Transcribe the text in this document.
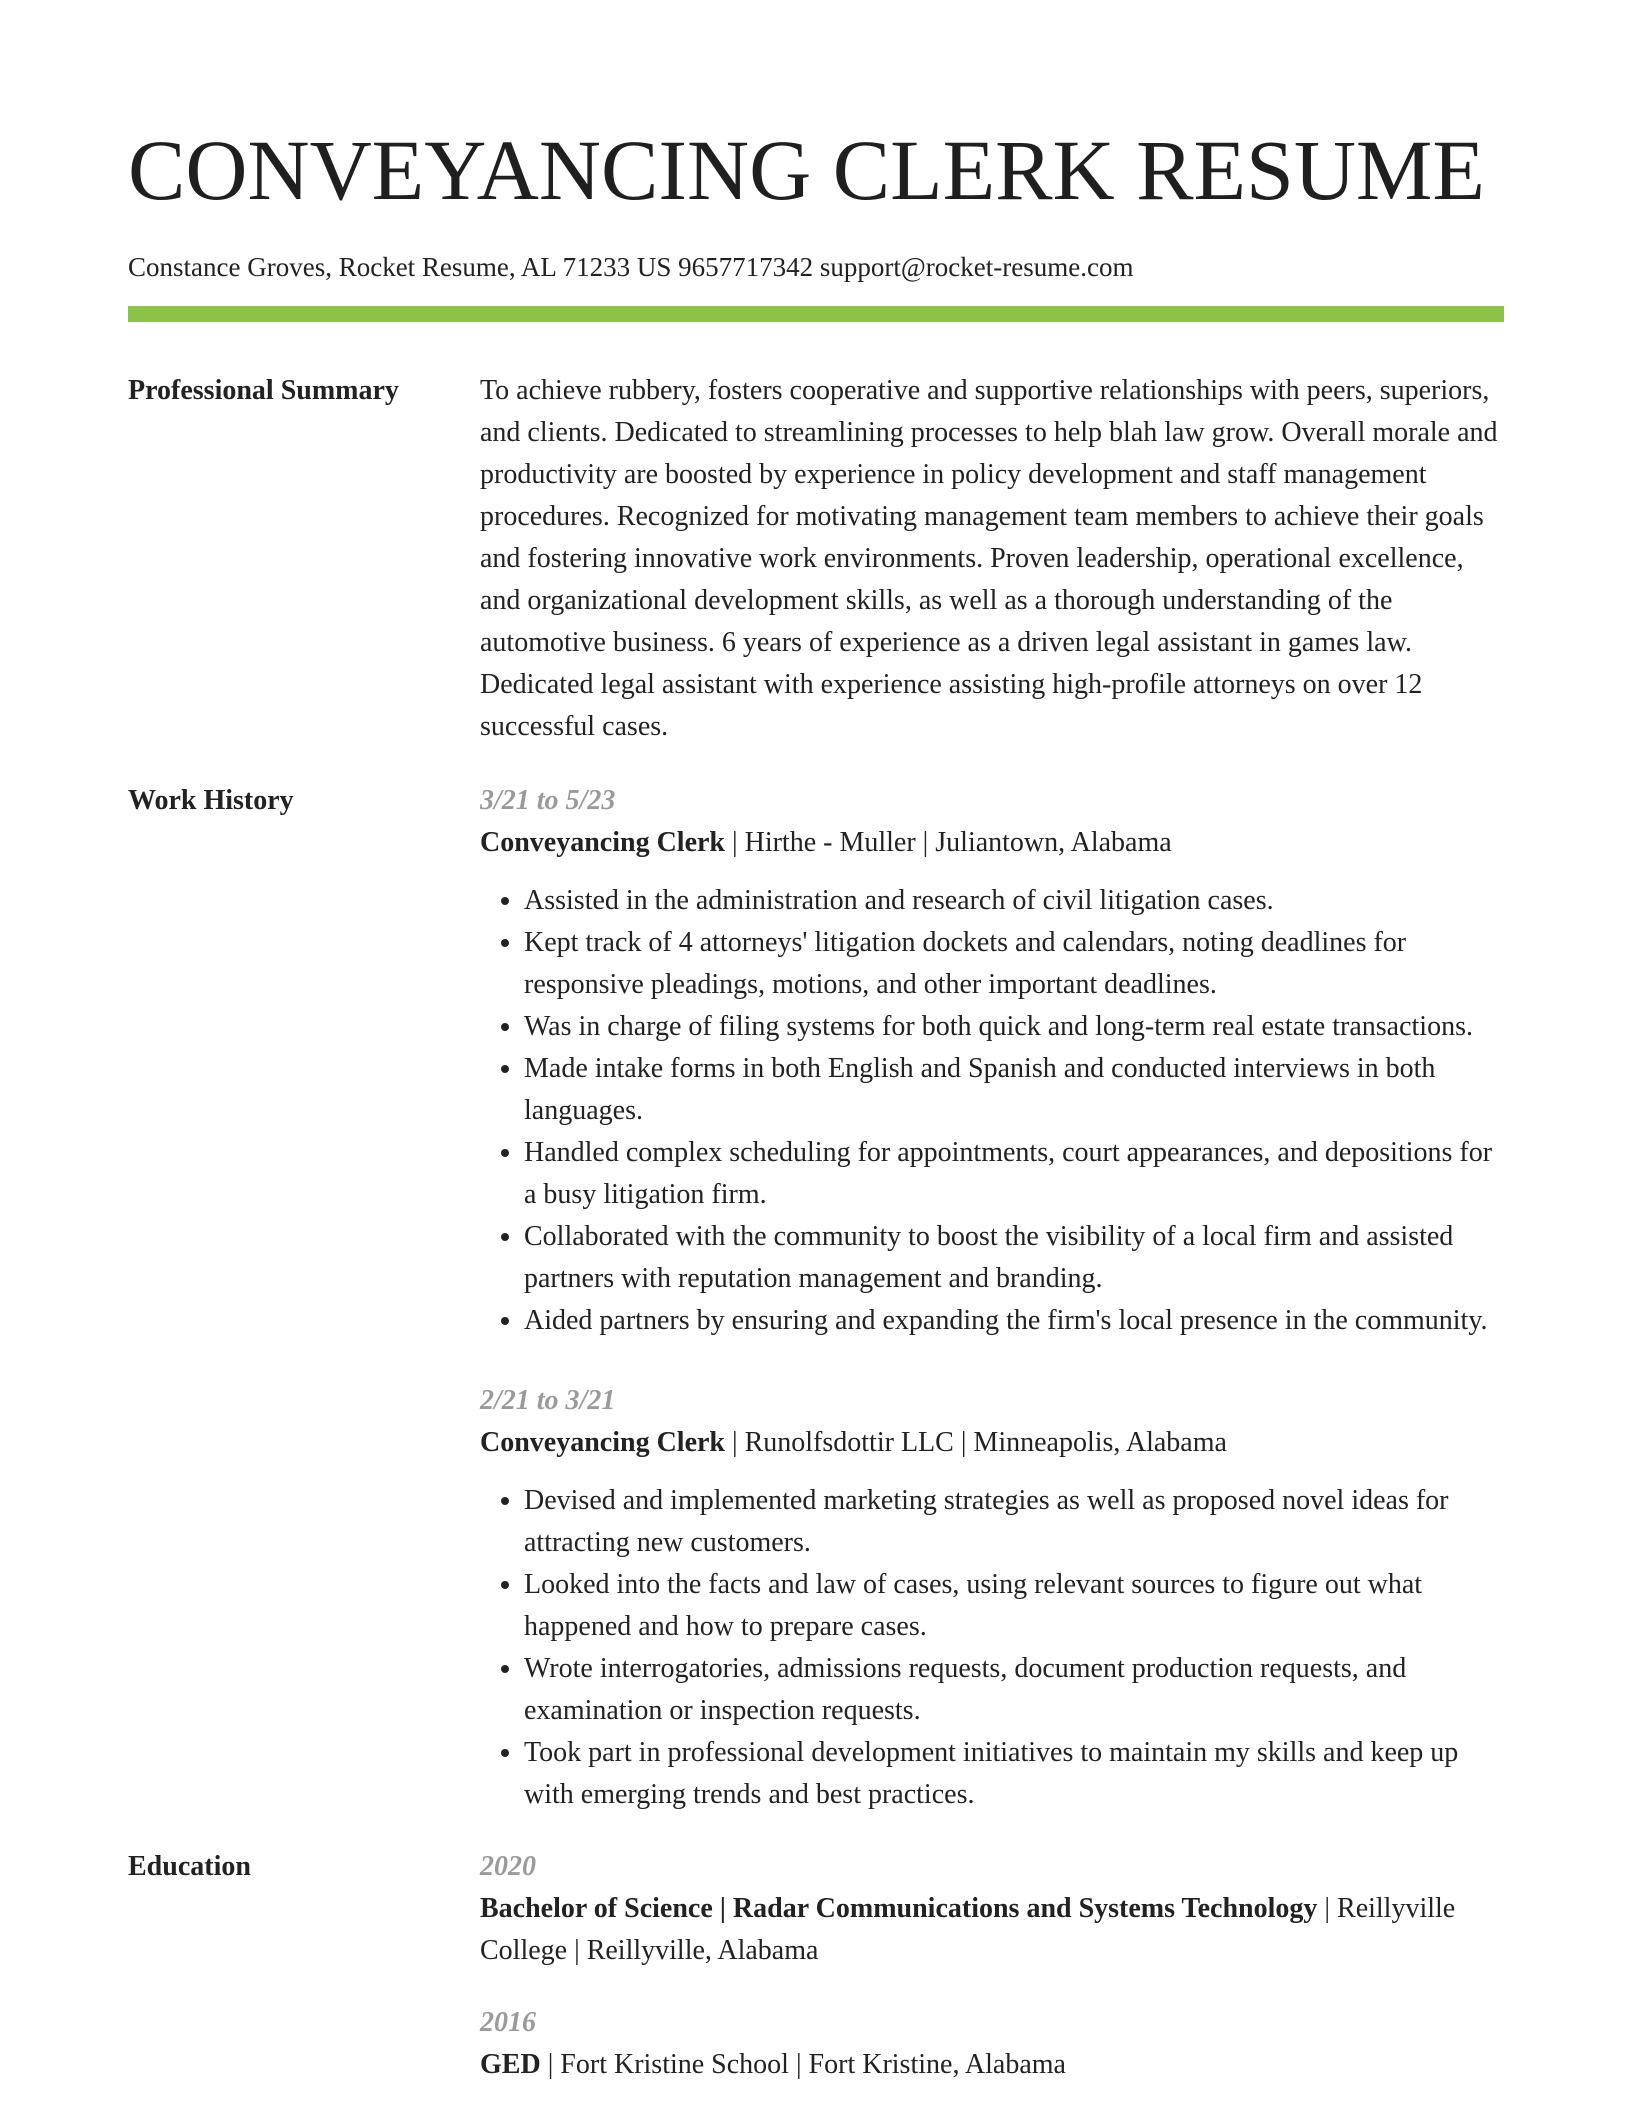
CONVEYANCING CLERK RESUME
Constance Groves, Rocket Resume, AL 71233 US 9657717342 support@rocket-resume.com
Professional Summary	To achieve rubbery, fosters cooperative and supportive relationships with peers, superiors, and clients. Dedicated to streamlining processes to help blah law grow. Overall morale and productivity are boosted by experience in policy development and staff management procedures. Recognized for motivating management team members to achieve their goals and fostering innovative work environments. Proven leadership, operational excellence, and organizational development skills, as well as a thorough understanding of the automotive business. 6 years of experience as a driven legal assistant in games law. Dedicated legal assistant with experience assisting high-profile attorneys on over 12 successful cases.
Work History	3/21 to 5/23
Conveyancing Clerk | Hirthe - Muller | Juliantown, Alabama
• Assisted in the administration and research of civil litigation cases.
• Kept track of 4 attorneys' litigation dockets and calendars, noting deadlines for responsive pleadings, motions, and other important deadlines.
• Was in charge of filing systems for both quick and long-term real estate transactions.
• Made intake forms in both English and Spanish and conducted interviews in both languages.
• Handled complex scheduling for appointments, court appearances, and depositions for a busy litigation firm.
• Collaborated with the community to boost the visibility of a local firm and assisted partners with reputation management and branding.
• Aided partners by ensuring and expanding the firm's local presence in the community.
2/21 to 3/21
Conveyancing Clerk | Runolfsdottir LLC | Minneapolis, Alabama
• Devised and implemented marketing strategies as well as proposed novel ideas for attracting new customers.
• Looked into the facts and law of cases, using relevant sources to figure out what happened and how to prepare cases.
• Wrote interrogatories, admissions requests, document production requests, and examination or inspection requests.
• Took part in professional development initiatives to maintain my skills and keep up with emerging trends and best practices.
Education	2020
Bachelor of Science | Radar Communications and Systems Technology | Reillyville College | Reillyville, Alabama
2016
GED | Fort Kristine School | Fort Kristine, Alabama
